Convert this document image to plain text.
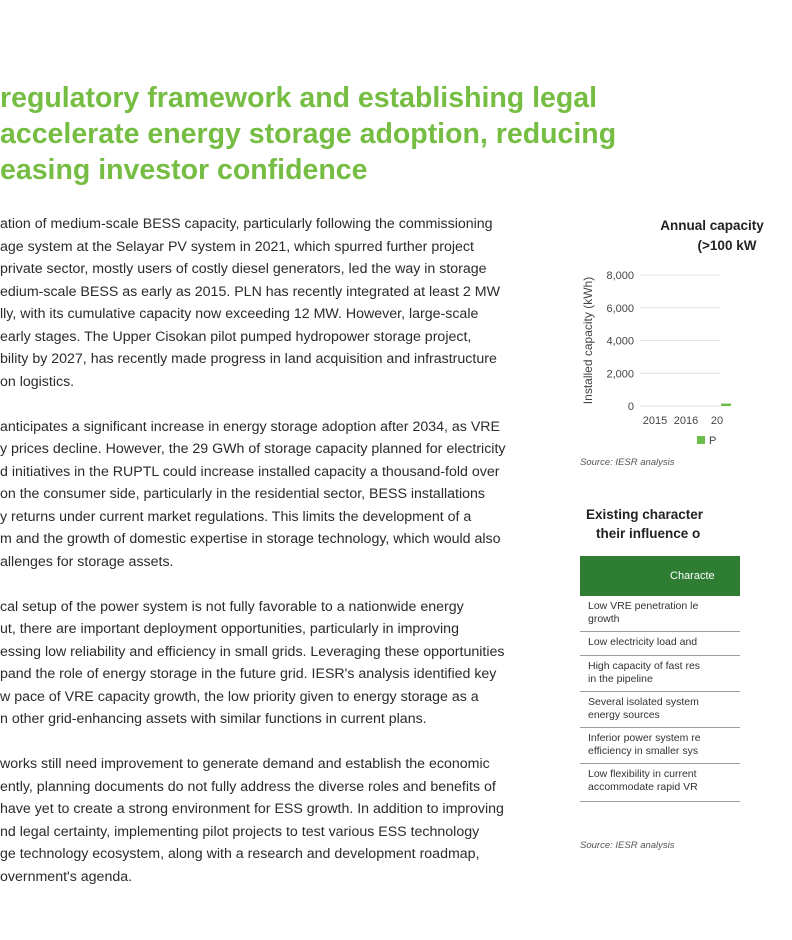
regulatory framework and establishing legal
accelerate energy storage adoption, reducing
easing investor confidence

ation of medium-scale BESS capacity, particularly following the commissioning
age system at the Selayar PV system in 2021, which spurred further project
private sector, mostly users of costly diesel generators, led the way in storage
edium-scale BESS as early as 2015. PLN has recently integrated at least 2 MW
lly, with its cumulative capacity now exceeding 12 MW. However, large-scale
early stages. The Upper Cisokan pilot pumped hydropower storage project,
bility by 2027, has recently made progress in land acquisition and infrastructure
on logistics.

anticipates a significant increase in energy storage adoption after 2034, as VRE
y prices decline. However, the 29 GWh of storage capacity planned for electricity
d initiatives in the RUPTL could increase installed capacity a thousand-fold over
on the consumer side, particularly in the residential sector, BESS installations
y returns under current market regulations. This limits the development of a
m and the growth of domestic expertise in storage technology, which would also
allenges for storage assets.

cal setup of the power system is not fully favorable to a nationwide energy
ut, there are important deployment opportunities, particularly in improving
essing low reliability and efficiency in small grids. Leveraging these opportunities
pand the role of energy storage in the future grid. IESR's analysis identified key
w pace of VRE capacity growth, the low priority given to energy storage as a
n other grid-enhancing assets with similar functions in current plans.

works still need improvement to generate demand and establish the economic
ently, planning documents do not fully address the diverse roles and benefits of
have yet to create a strong environment for ESS growth. In addition to improving
nd legal certainty, implementing pilot projects to test various ESS technology
ge technology ecosystem, along with a research and development roadmap,
overnment's agenda.

Annual capacity
(>100 kW
0
2,000
4,000
6,000
8,000
Installed capacity (kWh)
2015 2016 20
P
Source: IESR analysis
Existing character
their influence o
Characte
Low VRE penetration le
growth
Low electricity load and
High capacity of fast res
in the pipeline
Several isolated system
energy sources
Inferior power system re
efficiency in smaller sys
Low flexibility in current
accommodate rapid VR
Source: IESR analysis
